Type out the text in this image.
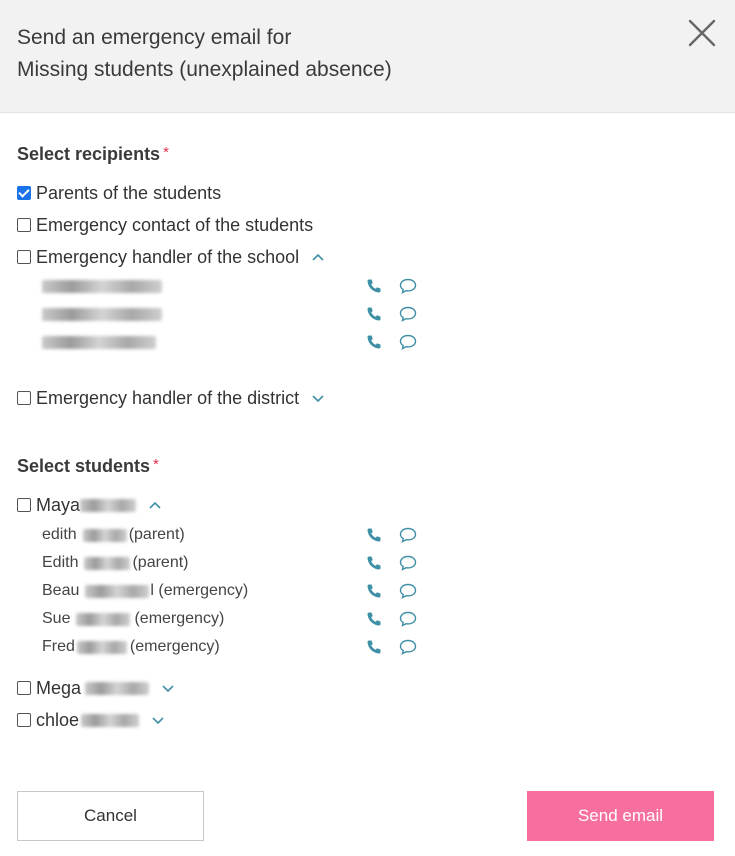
Send an emergency email for
Missing students (unexplained absence)
Select recipients *
Parents of the students
Emergency contact of the students
Emergency handler of the school
Emergency handler of the district
Select students *
Maya
edith	(parent)
Edith	(parent)
Beau	l (emergency)
Sue	(emergency)
Fred	(emergency)
Mega
chloe
Cancel	Send email
